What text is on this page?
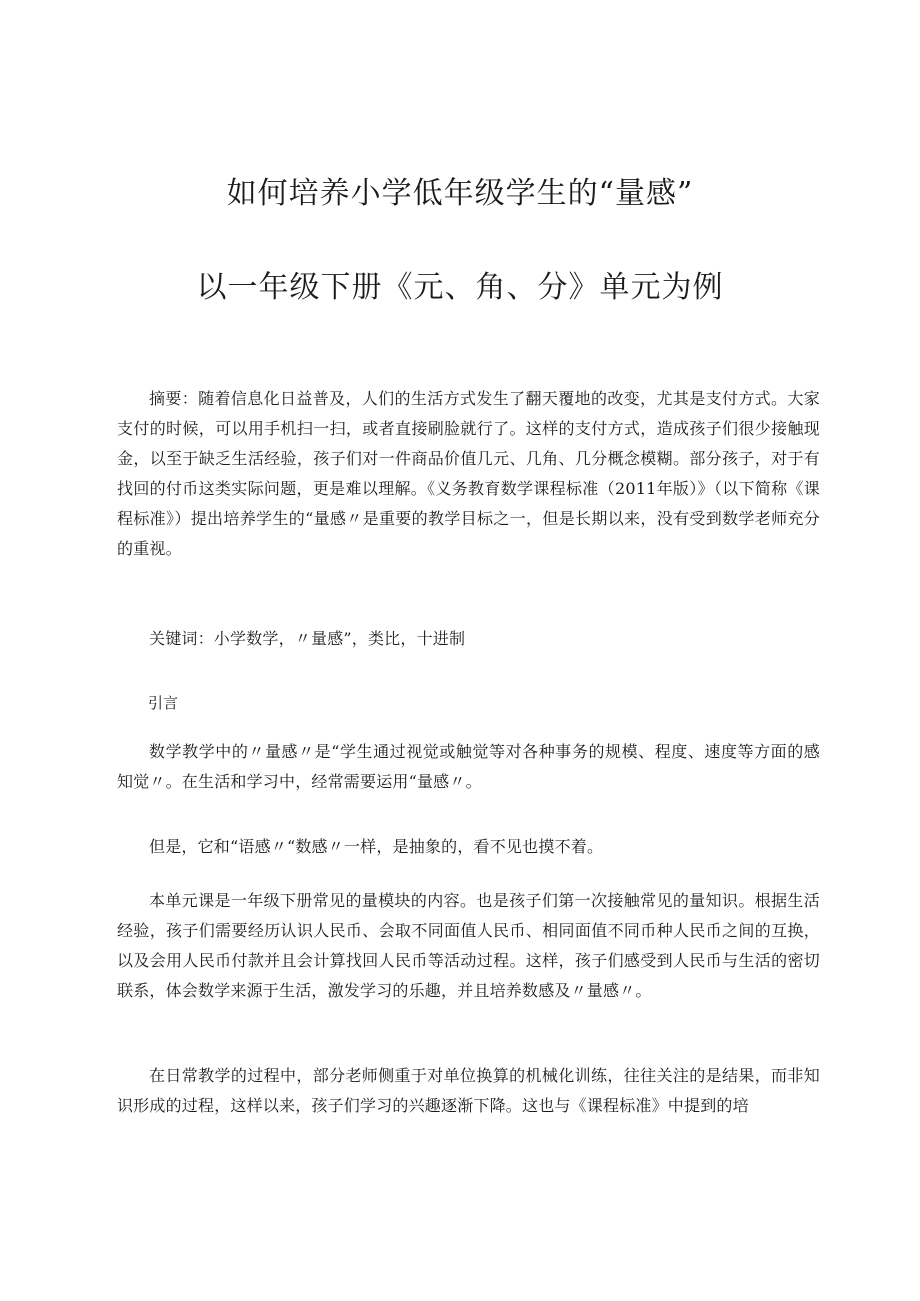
如何培养小学低年级学生的“量感”
以一年级下册《元、角、分》单元为例

摘要：随着信息化日益普及，人们的生活方式发生了翻天覆地的改变，尤其是支付方式。大家支付的时候，可以用手机扫一扫，或者直接刷脸就行了。这样的支付方式，造成孩子们很少接触现金，以至于缺乏生活经验，孩子们对一件商品价值几元、几角、几分概念模糊。部分孩子，对于有找回的付币这类实际问题，更是难以理解。《义务教育数学课程标准（2011年版）》（以下简称《课程标准》）提出培养学生的“量感〃是重要的教学目标之一，但是长期以来，没有受到数学老师充分的重视。

关键词：小学数学，〃量感”，类比，十进制

引言

数学教学中的〃量感〃是“学生通过视觉或触觉等对各种事务的规模、程度、速度等方面的感知觉〃。在生活和学习中，经常需要运用“量感〃。

但是，它和“语感〃“数感〃一样，是抽象的，看不见也摸不着。

本单元课是一年级下册常见的量模块的内容。也是孩子们第一次接触常见的量知识。根据生活经验，孩子们需要经历认识人民币、会取不同面值人民币、相同面值不同币种人民币之间的互换，以及会用人民币付款并且会计算找回人民币等活动过程。这样，孩子们感受到人民币与生活的密切联系，体会数学来源于生活，激发学习的乐趣，并且培养数感及〃量感〃。

在日常教学的过程中，部分老师侧重于对单位换算的机械化训练，往往关注的是结果，而非知识形成的过程，这样以来，孩子们学习的兴趣逐渐下降。这也与《课程标准》中提到的培
